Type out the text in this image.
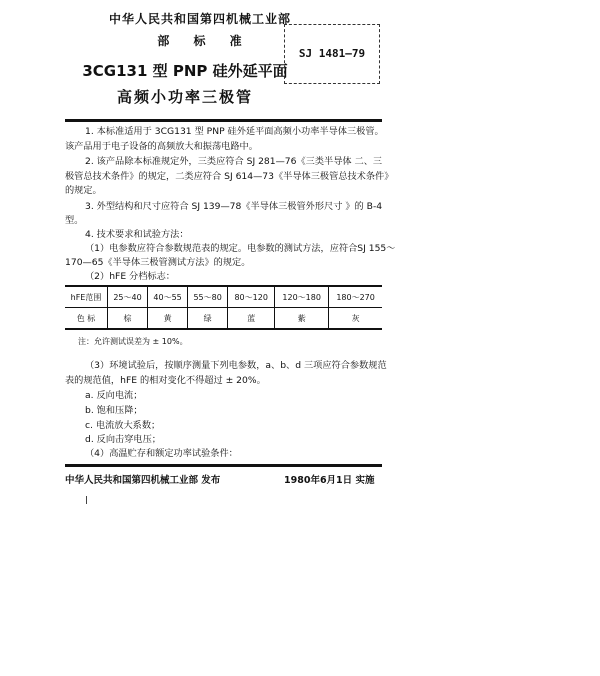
中华人民共和国第四机械工业部
部 标 准
3CG131 型 PNP 硅外延平面
高频小功率三极管
SJ 1481—79
1. 本标准适用于 3CG131 型 PNP 硅外延平面高频小功率半导体三极管。
该产品用于电子设备的高频放大和振荡电路中。
2. 该产品除本标准规定外，三类应符合 SJ 281—76《三类半导体 二、三
极管总技术条件》的规定，二类应符合 SJ 614—73《半导体三极管总技术条件》
的规定。
3. 外型结构和尺寸应符合 SJ 139—78《半导体三极管外形尺寸 》的 B-4
型。
4. 技术要求和试验方法：
（1）电参数应符合参数规范表的规定。电参数的测试方法，应符合SJ 155～
170—65《半导体三极管测试方法》的规定。
（2）hFE 分档标志：
hFE范围	25～40	40～55	55～80	80～120	120～180	180～270
色 标	棕	黄	绿	蓝	紫	灰
注：允许测试误差为 ± 10%。
（3）环境试验后，按顺序测量下列电参数，a、b、d 三项应符合参数规范
表的规范值，hFE 的相对变化不得超过 ± 20%。
a. 反向电流；
b. 饱和压降；
c. 电流放大系数；
d. 反向击穿电压；
（4）高温贮存和额定功率试验条件：
中华人民共和国第四机械工业部 发布	1980年6月1日 实施
